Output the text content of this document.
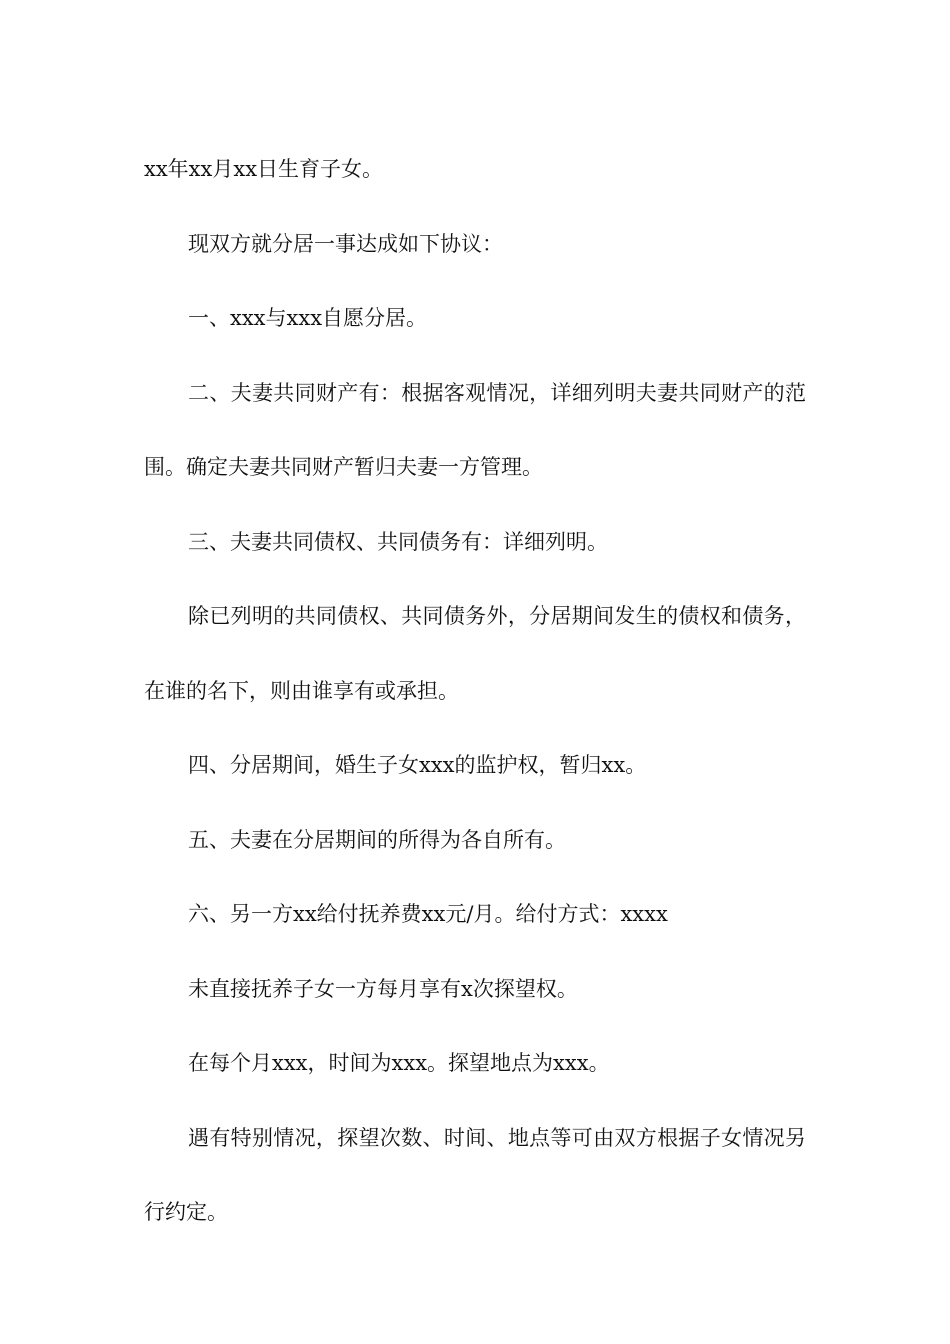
xx年xx月xx日生育子女。

现双方就分居一事达成如下协议：

一、xxx与xxx自愿分居。

二、夫妻共同财产有：根据客观情况，详细列明夫妻共同财产的范围。确定夫妻共同财产暂归夫妻一方管理。

三、夫妻共同债权、共同债务有：详细列明。

除已列明的共同债权、共同债务外，分居期间发生的债权和债务，在谁的名下，则由谁享有或承担。

四、分居期间，婚生子女xxx的监护权，暂归xx。

五、夫妻在分居期间的所得为各自所有。

六、另一方xx给付抚养费xx元/月。给付方式：xxxx

未直接抚养子女一方每月享有x次探望权。

在每个月xxx，时间为xxx。探望地点为xxx。

遇有特别情况，探望次数、时间、地点等可由双方根据子女情况另行约定。
